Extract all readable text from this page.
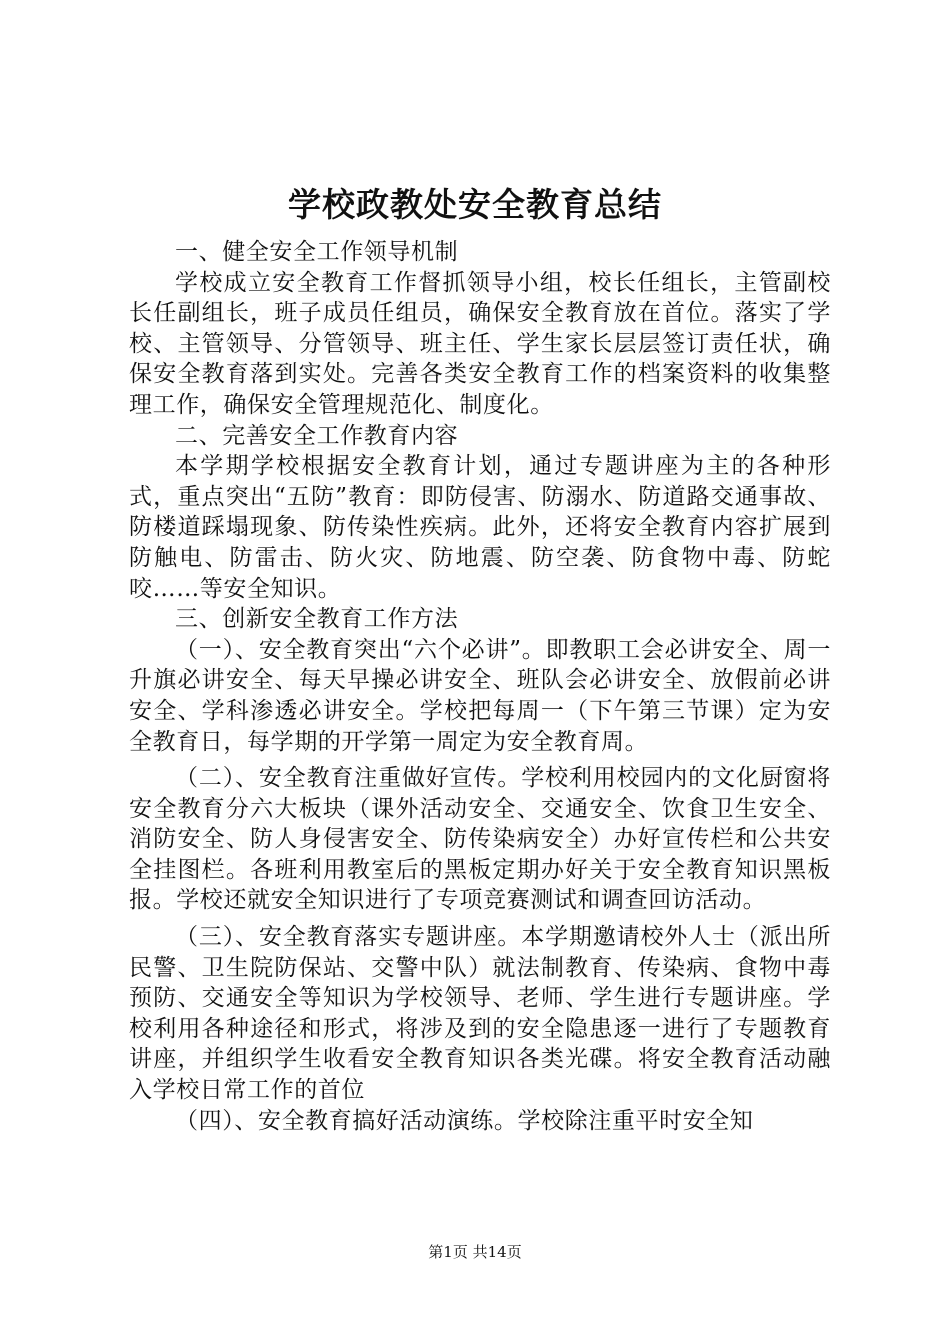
学校政教处安全教育总结

一、健全安全工作领导机制

学校成立安全教育工作督抓领导小组，校长任组长，主管副校长任副组长，班子成员任组员，确保安全教育放在首位。落实了学校、主管领导、分管领导、班主任、学生家长层层签订责任状，确保安全教育落到实处。完善各类安全教育工作的档案资料的收集整理工作，确保安全管理规范化、制度化。

二、完善安全工作教育内容

本学期学校根据安全教育计划，通过专题讲座为主的各种形式，重点突出“五防”教育：即防侵害、防溺水、防道路交通事故、防楼道踩塌现象、防传染性疾病。此外，还将安全教育内容扩展到防触电、防雷击、防火灾、防地震、防空袭、防食物中毒、防蛇咬……等安全知识。

三、创新安全教育工作方法

（一）、安全教育突出“六个必讲”。即教职工会必讲安全、周一升旗必讲安全、每天早操必讲安全、班队会必讲安全、放假前必讲安全、学科渗透必讲安全。学校把每周一（下午第三节课）定为安全教育日，每学期的开学第一周定为安全教育周。

（二）、安全教育注重做好宣传。学校利用校园内的文化厨窗将安全教育分六大板块（课外活动安全、交通安全、饮食卫生安全、消防安全、防人身侵害安全、防传染病安全）办好宣传栏和公共安全挂图栏。各班利用教室后的黑板定期办好关于安全教育知识黑板报。学校还就安全知识进行了专项竞赛测试和调查回访活动。

（三）、安全教育落实专题讲座。本学期邀请校外人士（派出所民警、卫生院防保站、交警中队）就法制教育、传染病、食物中毒预防、交通安全等知识为学校领导、老师、学生进行专题讲座。学校利用各种途径和形式，将涉及到的安全隐患逐一进行了专题教育讲座，并组织学生收看安全教育知识各类光碟。将安全教育活动融入学校日常工作的首位

（四）、安全教育搞好活动演练。学校除注重平时安全知

第1页 共14页
